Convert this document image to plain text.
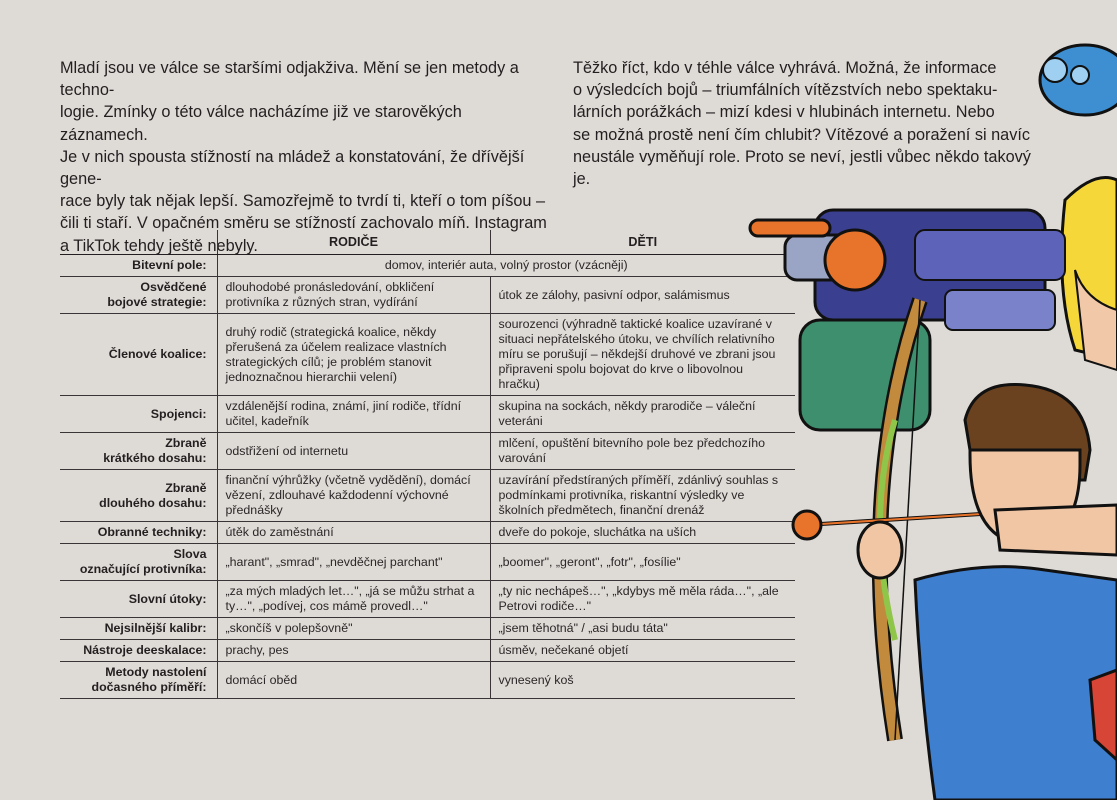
Mladí jsou ve válce se staršími odjakživa. Mění se jen metody a techno-
logie. Zmínky o této válce nacházíme již ve starověkých záznamech.
Je v nich spousta stížností na mládež a konstatování, že dřívější gene-
race byly tak nějak lepší. Samozřejmě to tvrdí ti, kteří o tom píšou –
čili ti staří. V opačném směru se stížností zachovalo míň. Instagram
a TikTok tehdy ještě nebyly.

Těžko říct, kdo v téhle válce vyhrává. Možná, že informace
o výsledcích bojů – triumfálních vítězstvích nebo spektaku-
lárních porážkách – mizí kdesi v hlubinách internetu. Nebo
se možná prostě není čím chlubit? Vítězové a poražení si navíc
neustále vyměňují role. Proto se neví, jestli vůbec někdo takový je.

	RODIČE	DĚTI
Bitevní pole:	domov, interiér auta, volný prostor (vzácněji)	
Osvědčené
bojové strategie:	dlouhodobé pronásledování, obkličení protivníka z různých stran, vydírání	útok ze zálohy, pasivní odpor, salámismus
Členové koalice:	druhý rodič (strategická koalice, někdy přerušená za účelem realizace vlastních strategických cílů; je problém stanovit jednoznačnou hierarchii velení)	sourozenci (výhradně taktické koalice uzavírané v situaci nepřátelského útoku, ve chvílích relativního míru se porušují – někdejší druhové ve zbrani jsou připraveni spolu bojovat do krve o libovolnou hračku)
Spojenci:	vzdálenější rodina, známí, jiní rodiče, třídní učitel, kadeřník	skupina na sockách, někdy prarodiče – váleční veteráni
Zbraně
krátkého dosahu:	odstřižení od internetu	mlčení, opuštění bitevního pole bez předchozího varování
Zbraně
dlouhého dosahu:	finanční výhrůžky (včetně vydědění), domácí vězení, zdlouhavé každodenní výchovné přednášky	uzavírání předstíraných příměří, zdánlivý souhlas s podmínkami protivníka, riskantní výsledky ve školních předmětech, finanční drenáž
Obranné techniky:	útěk do zaměstnání	dveře do pokoje, sluchátka na uších
Slova
označující protivníka:	„harant", „smrad", „nevděčnej parchant"	„boomer", „geront", „fotr", „fosílie"
Slovní útoky:	„za mých mladých let…", „já se můžu strhat a ty…", „podívej, cos mámě provedl…"	„ty nic nechápeš…", „kdybys mě měla ráda…", „ale Petrovi rodiče…"
Nejsilnější kalibr:	„skončíš v polepšovně"	„jsem těhotná" / „asi budu táta"
Nástroje deeskalace:	prachy, pes	úsměv, nečekané objetí
Metody nastolení
dočasného příměří:	domácí oběd	vynesený koš
